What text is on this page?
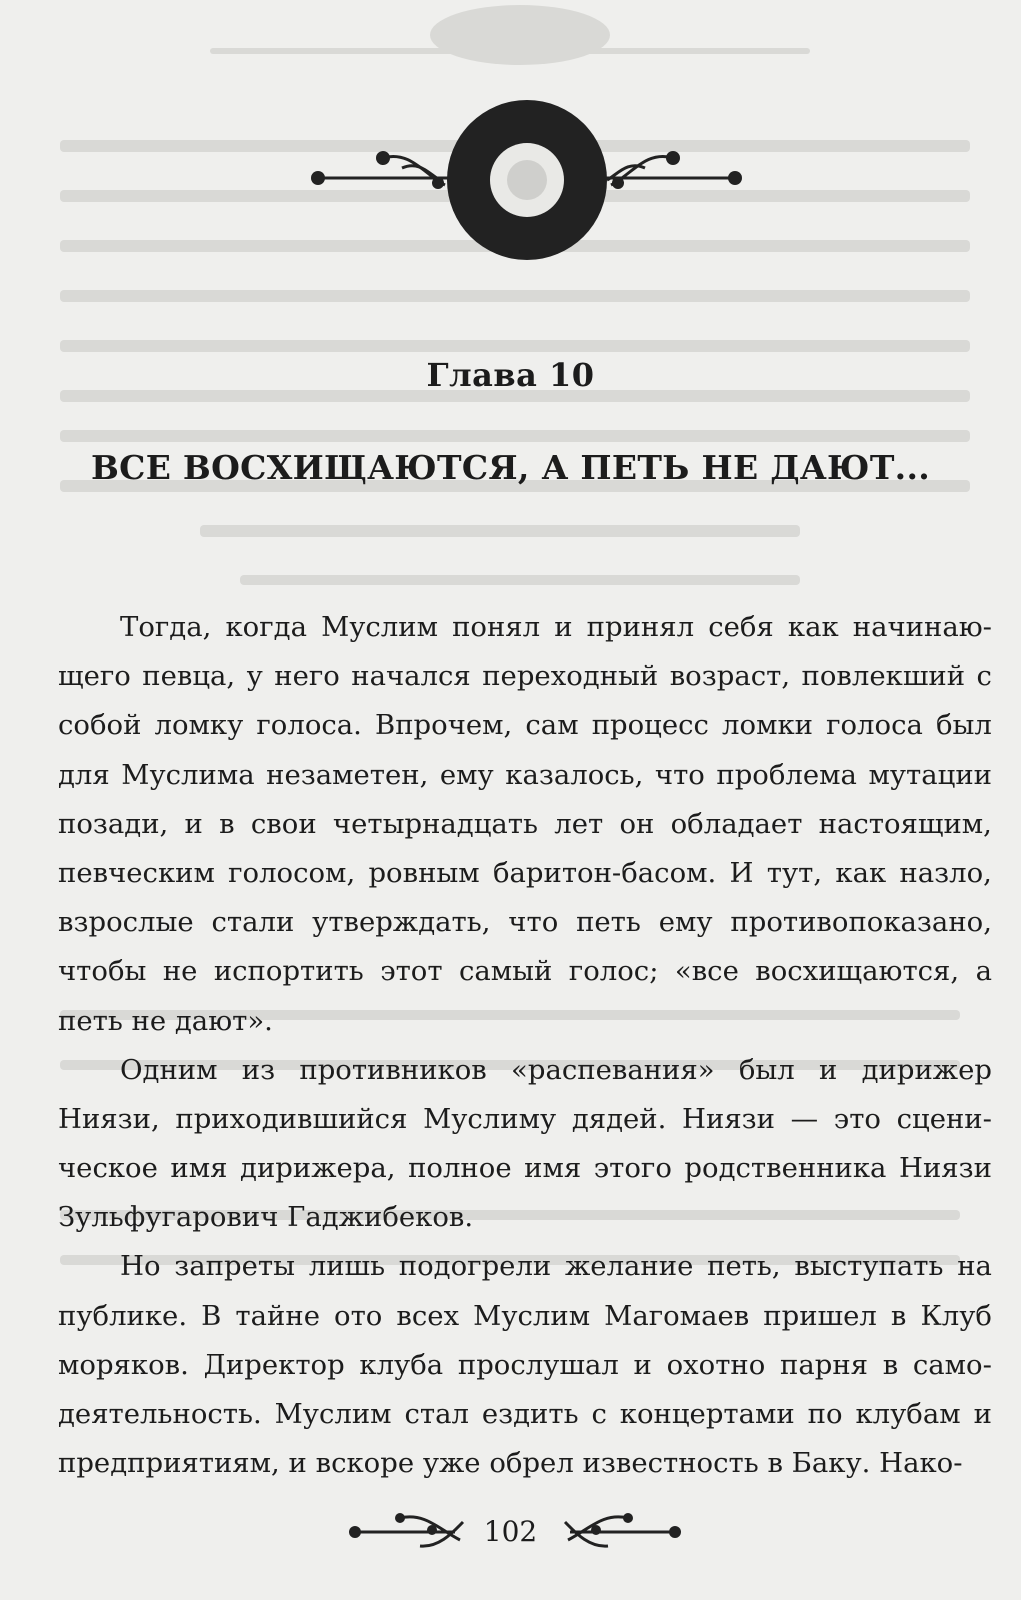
Глава 10
ВСЕ ВОСХИЩАЮТСЯ, А ПЕТЬ НЕ ДАЮТ...
Тогда, когда Муслим понял и принял себя как начинаю-
щего певца, у него начался переходный возраст, повлекший с
собой ломку голоса. Впрочем, сам процесс ломки голоса был
для Муслима незаметен, ему казалось, что проблема мутации
позади, и в свои четырнадцать лет он обладает настоящим,
певческим голосом, ровным баритон-басом. И тут, как назло,
взрослые стали утверждать, что петь ему противопоказано,
чтобы не испортить этот самый голос; «все восхищаются, а
петь не дают».
Одним из противников «распевания» был и дирижер
Ниязи, приходившийся Муслиму дядей. Ниязи — это сцени-
ческое имя дирижера, полное имя этого родственника Ниязи
Зульфугарович Гаджибеков.
Но запреты лишь подогрели желание петь, выступать на
публике. В тайне ото всех Муслим Магомаев пришел в Клуб
моряков. Директор клуба прослушал и охотно парня в само-
деятельность. Муслим стал ездить с концертами по клубам и
предприятиям, и вскоре уже обрел известность в Баку. Нако-
102
